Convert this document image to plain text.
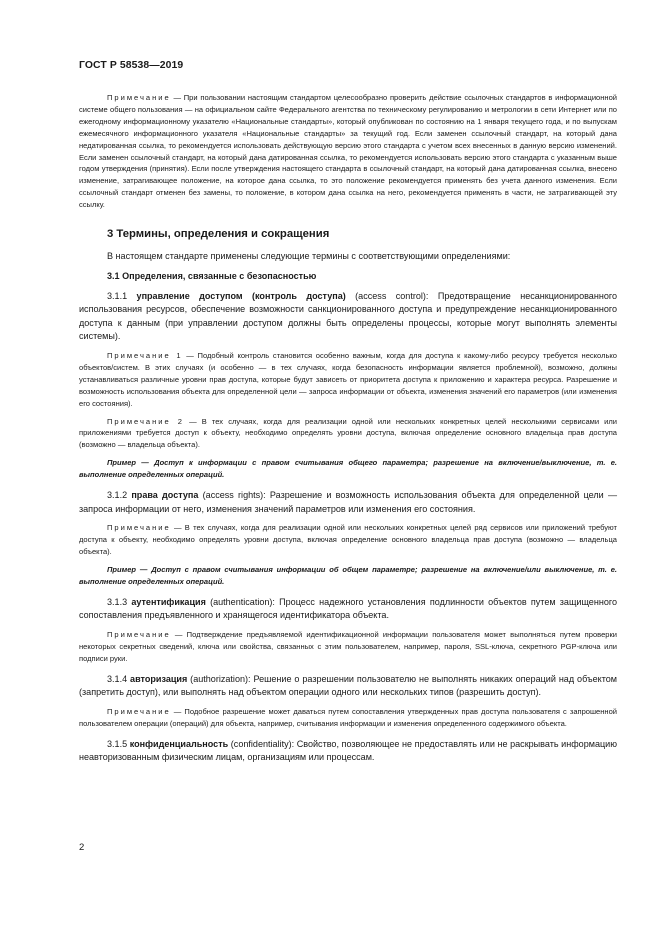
ГОСТ Р 58538—2019

Примечание — При пользовании настоящим стандартом целесообразно проверить действие ссылочных стандартов в информационной системе общего пользования — на официальном сайте Федерального агентства по техническому регулированию и метрологии в сети Интернет или по ежегодному информационному указателю «Национальные стандарты», который опубликован по состоянию на 1 января текущего года, и по выпускам ежемесячного информационного указателя «Национальные стандарты» за текущий год. Если заменен ссылочный стандарт, на который дана недатированная ссылка, то рекомендуется использовать действующую версию этого стандарта с учетом всех внесенных в данную версию изменений. Если заменен ссылочный стандарт, на который дана датированная ссылка, то рекомендуется использовать версию этого стандарта с указанным выше годом утверждения (принятия). Если после утверждения настоящего стандарта в ссылочный стандарт, на который дана датированная ссылка, внесено изменение, затрагивающее положение, на которое дана ссылка, то это положение рекомендуется применять без учета данного изменения. Если ссылочный стандарт отменен без замены, то положение, в котором дана ссылка на него, рекомендуется применять в части, не затрагивающей эту ссылку.

3 Термины, определения и сокращения

В настоящем стандарте применены следующие термины с соответствующими определениями:

3.1 Определения, связанные с безопасностью

3.1.1 управление доступом (контроль доступа) (access control): Предотвращение несанкционированного использования ресурсов, обеспечение возможности санкционированного доступа и предупреждение несанкционированного доступа к данным (при управлении доступом должны быть определены процессы, которые могут выполнять элементы системы).

Примечание 1 — Подобный контроль становится особенно важным, когда для доступа к какому-либо ресурсу требуется несколько объектов/систем. В этих случаях (и особенно — в тех случаях, когда безопасность информации является проблемной), возможно, должны устанавливаться различные уровни прав доступа, которые будут зависеть от приоритета доступа к приложению и характера ресурса. Разрешение и возможность использования объекта для определенной цели — запроса информации от объекта, изменения значений его параметров (или изменения его состояния).

Примечание 2 — В тех случаях, когда для реализации одной или нескольких конкретных целей несколькими сервисами или приложениями требуется доступ к объекту, необходимо определять уровни доступа, включая определение основного владельца прав доступа (возможно — владельца объекта).

Пример — Доступ к информации с правом считывания общего параметра; разрешение на включение/выключение, т. е. выполнение определенных операций.

3.1.2 права доступа (access rights): Разрешение и возможность использования объекта для определенной цели — запроса информации от него, изменения значений параметров или изменения его состояния.

Примечание — В тех случаях, когда для реализации одной или нескольких конкретных целей ряд сервисов или приложений требуют доступа к объекту, необходимо определять уровни доступа, включая определение основного владельца прав доступа (возможно — владельца объекта).

Пример — Доступ с правом считывания информации об общем параметре; разрешение на включение/или выключение, т. е. выполнение определенных операций.

3.1.3 аутентификация (authentication): Процесс надежного установления подлинности объектов путем защищенного сопоставления предъявленного и хранящегося идентификатора объекта.

Примечание — Подтверждение предъявляемой идентификационной информации пользователя может выполняться путем проверки некоторых секретных сведений, ключа или свойства, связанных с этим пользователем, например, пароля, SSL-ключа, секретного PGP-ключа или подписи руки.

3.1.4 авторизация (authorization): Решение о разрешении пользователю не выполнять никаких операций над объектом (запретить доступ), или выполнять над объектом операции одного или нескольких типов (разрешить доступ).

Примечание — Подобное разрешение может даваться путем сопоставления утвержденных прав доступа пользователя с запрошенной пользователем операции (операций) для объекта, например, считывания информации и изменения определенного содержимого объекта.

3.1.5 конфиденциальность (confidentiality): Свойство, позволяющее не предоставлять или не раскрывать информацию неавторизованным физическим лицам, организациям или процессам.

2
